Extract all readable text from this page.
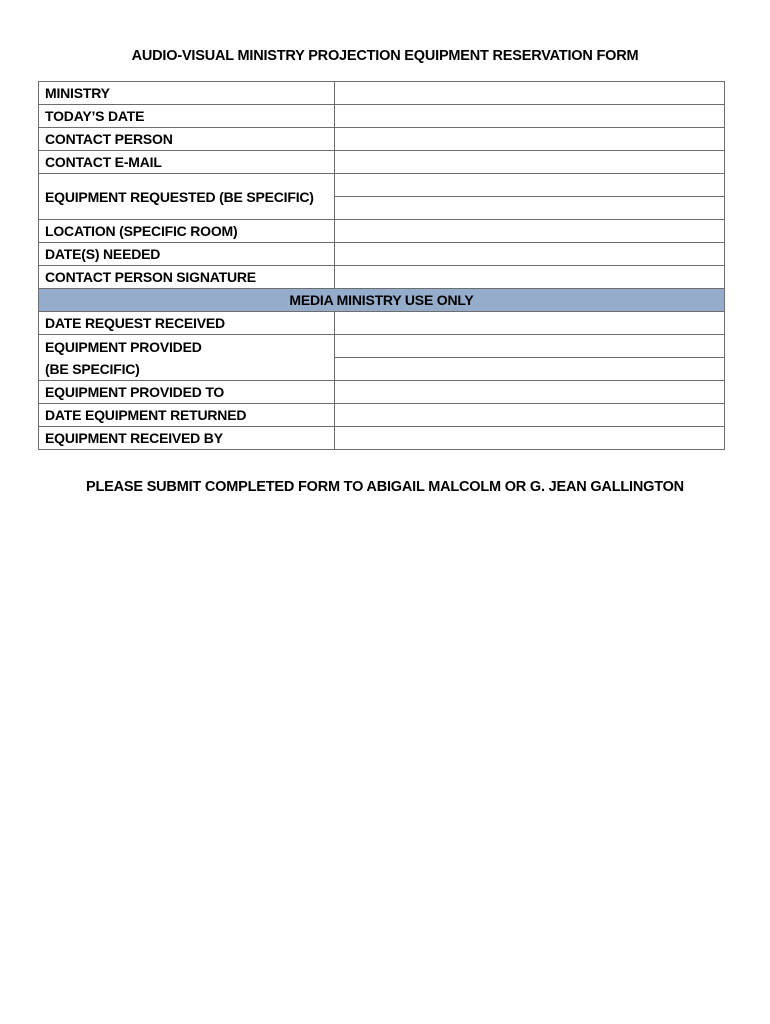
AUDIO-VISUAL MINISTRY PROJECTION EQUIPMENT RESERVATION FORM
MINISTRY	
TODAY’S DATE	
CONTACT PERSON	
CONTACT E-MAIL	
EQUIPMENT REQUESTED (BE SPECIFIC)	

LOCATION (SPECIFIC ROOM)	
DATE(S) NEEDED	
CONTACT PERSON SIGNATURE	
MEDIA MINISTRY USE ONLY	
DATE REQUEST RECEIVED	

EQUIPMENT PROVIDED
(BE SPECIFIC)	

EQUIPMENT PROVIDED TO	
DATE EQUIPMENT RETURNED	
EQUIPMENT RECEIVED BY	
PLEASE SUBMIT COMPLETED FORM TO ABIGAIL MALCOLM OR G. JEAN GALLINGTON
